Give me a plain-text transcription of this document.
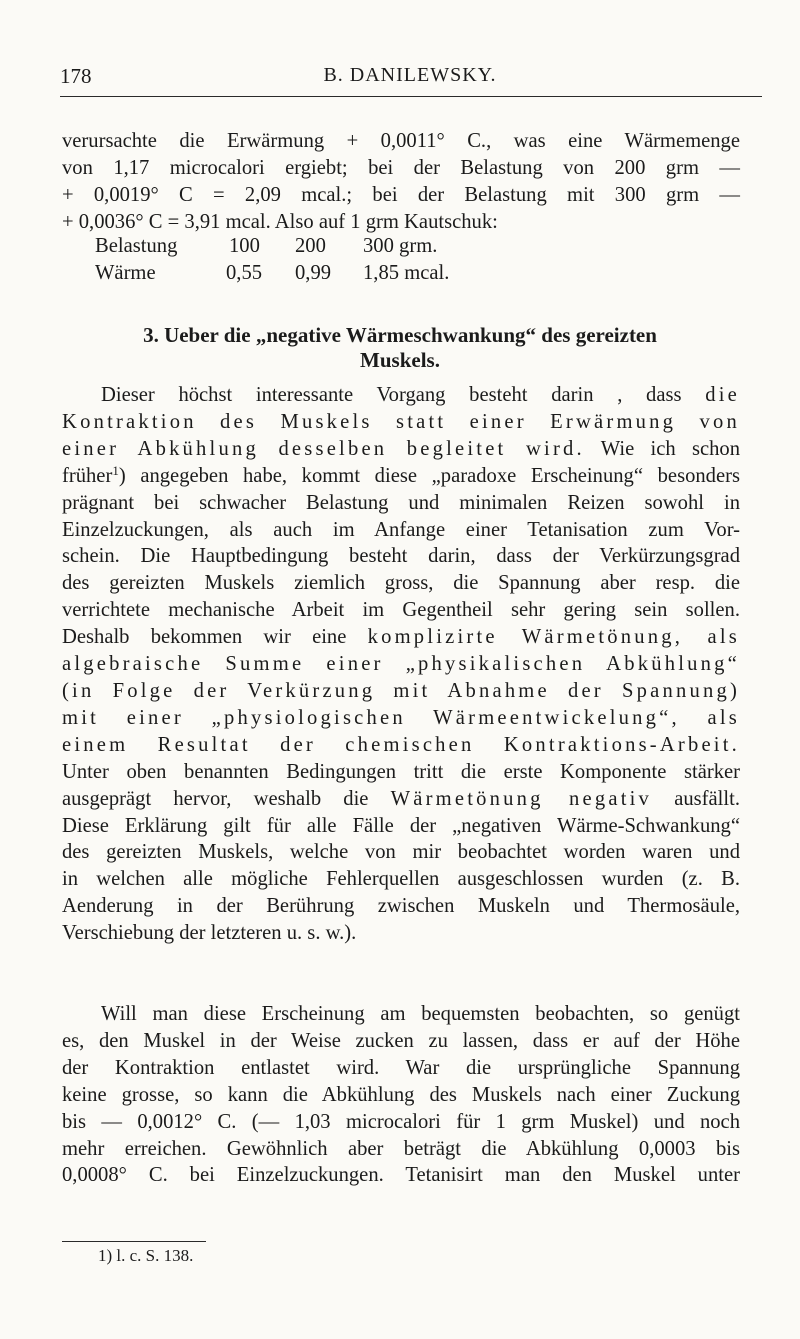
178	B. DANILEWSKY.
verursachte die Erwärmung + 0,0011° C., was eine Wärmemenge
von 1,17 microcalori ergiebt; bei der Belastung von 200 grm —
+ 0,0019° C = 2,09 mcal.; bei der Belastung mit 300 grm —
+ 0,0036° C = 3,91 mcal. Also auf 1 grm Kautschuk:
Belastung	100 200 300 grm.
Wärme	0,55 0,99 1,85 mcal.
3. Ueber die „negative Wärmeschwankung“ des gereizten
Muskels.
Dieser höchst interessante Vorgang besteht darin , dass die
Kontraktion des Muskels statt einer Erwärmung von
einer Abkühlung desselben begleitet wird. Wie ich schon
früher$^1$) angegeben habe, kommt diese „paradoxe Erscheinung“ besonders
prägnant bei schwacher Belastung und minimalen Reizen sowohl in
Einzelzuckungen, als auch im Anfange einer Tetanisation zum Vor-
schein. Die Hauptbedingung besteht darin, dass der Verkürzungsgrad
des gereizten Muskels ziemlich gross, die Spannung aber resp. die
verrichtete mechanische Arbeit im Gegentheil sehr gering sein sollen.
Deshalb bekommen wir eine komplizirte Wärmetönung, als
algebraische Summe einer „physikalischen Abkühlung“
(in Folge der Verkürzung mit Abnahme der Spannung)
mit einer „physiologischen Wärmeentwickelung“, als
einem Resultat der chemischen Kontraktions-Arbeit.
Unter oben benannten Bedingungen tritt die erste Komponente stärker
ausgeprägt hervor, weshalb die Wärmetönung negativ ausfällt.
Diese Erklärung gilt für alle Fälle der „negativen Wärme-Schwankung“
des gereizten Muskels, welche von mir beobachtet worden waren und
in welchen alle mögliche Fehlerquellen ausgeschlossen wurden (z. B.
Aenderung in der Berührung zwischen Muskeln und Thermosäule,
Verschiebung der letzteren u. s. w.).
Will man diese Erscheinung am bequemsten beobachten, so genügt
es, den Muskel in der Weise zucken zu lassen, dass er auf der Höhe
der Kontraktion entlastet wird. War die ursprüngliche Spannung
keine grosse, so kann die Abkühlung des Muskels nach einer Zuckung
bis — 0,0012° C. (— 1,03 microcalori für 1 grm Muskel) und noch
mehr erreichen. Gewöhnlich aber beträgt die Abkühlung 0,0003 bis
0,0008° C. bei Einzelzuckungen. Tetanisirt man den Muskel unter
1) l. c. S. 138.
